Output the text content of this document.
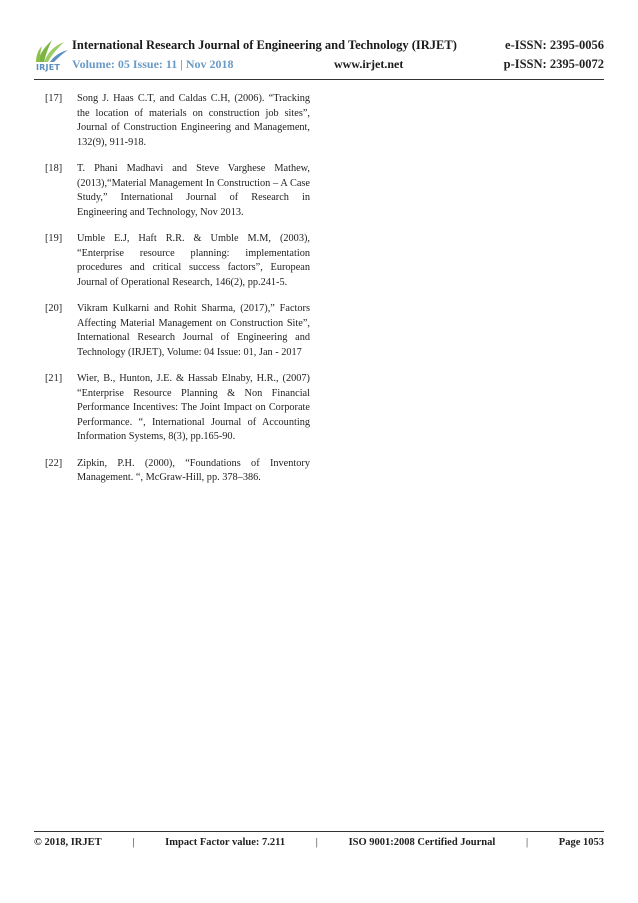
IRJET
International Research Journal of Engineering and Technology (IRJET)	e-ISSN: 2395-0056
Volume: 05 Issue: 11 | Nov 2018	www.irjet.net	p-ISSN: 2395-0072
[17]	Song J. Haas C.T, and Caldas C.H, (2006). “Tracking the location of materials on construction job sites”, Journal of Construction Engineering and Management, 132(9), 911-918.
[18]	T. Phani Madhavi and Steve Varghese Mathew, (2013),“Material Management In Construction – A Case Study,” International Journal of Research in Engineering and Technology, Nov 2013.
[19]	Umble E.J, Haft R.R. & Umble M.M, (2003), “Enterprise resource planning: implementation procedures and critical success factors”, European Journal of Operational Research, 146(2), pp.241-5.
[20]	Vikram Kulkarni and Rohit Sharma, (2017),” Factors Affecting Material Management on Construction Site”, International Research Journal of Engineering and Technology (IRJET), Volume: 04 Issue: 01, Jan - 2017
[21]	Wier, B., Hunton, J.E. & Hassab Elnaby, H.R., (2007) “Enterprise Resource Planning & Non Financial Performance Incentives: The Joint Impact on Corporate Performance. “, International Journal of Accounting Information Systems, 8(3), pp.165-90.
[22]	Zipkin, P.H. (2000), “Foundations of Inventory Management. “, McGraw-Hill, pp. 378–386.
© 2018, IRJET	|	Impact Factor value: 7.211	|	ISO 9001:2008 Certified Journal	|	Page 1053
